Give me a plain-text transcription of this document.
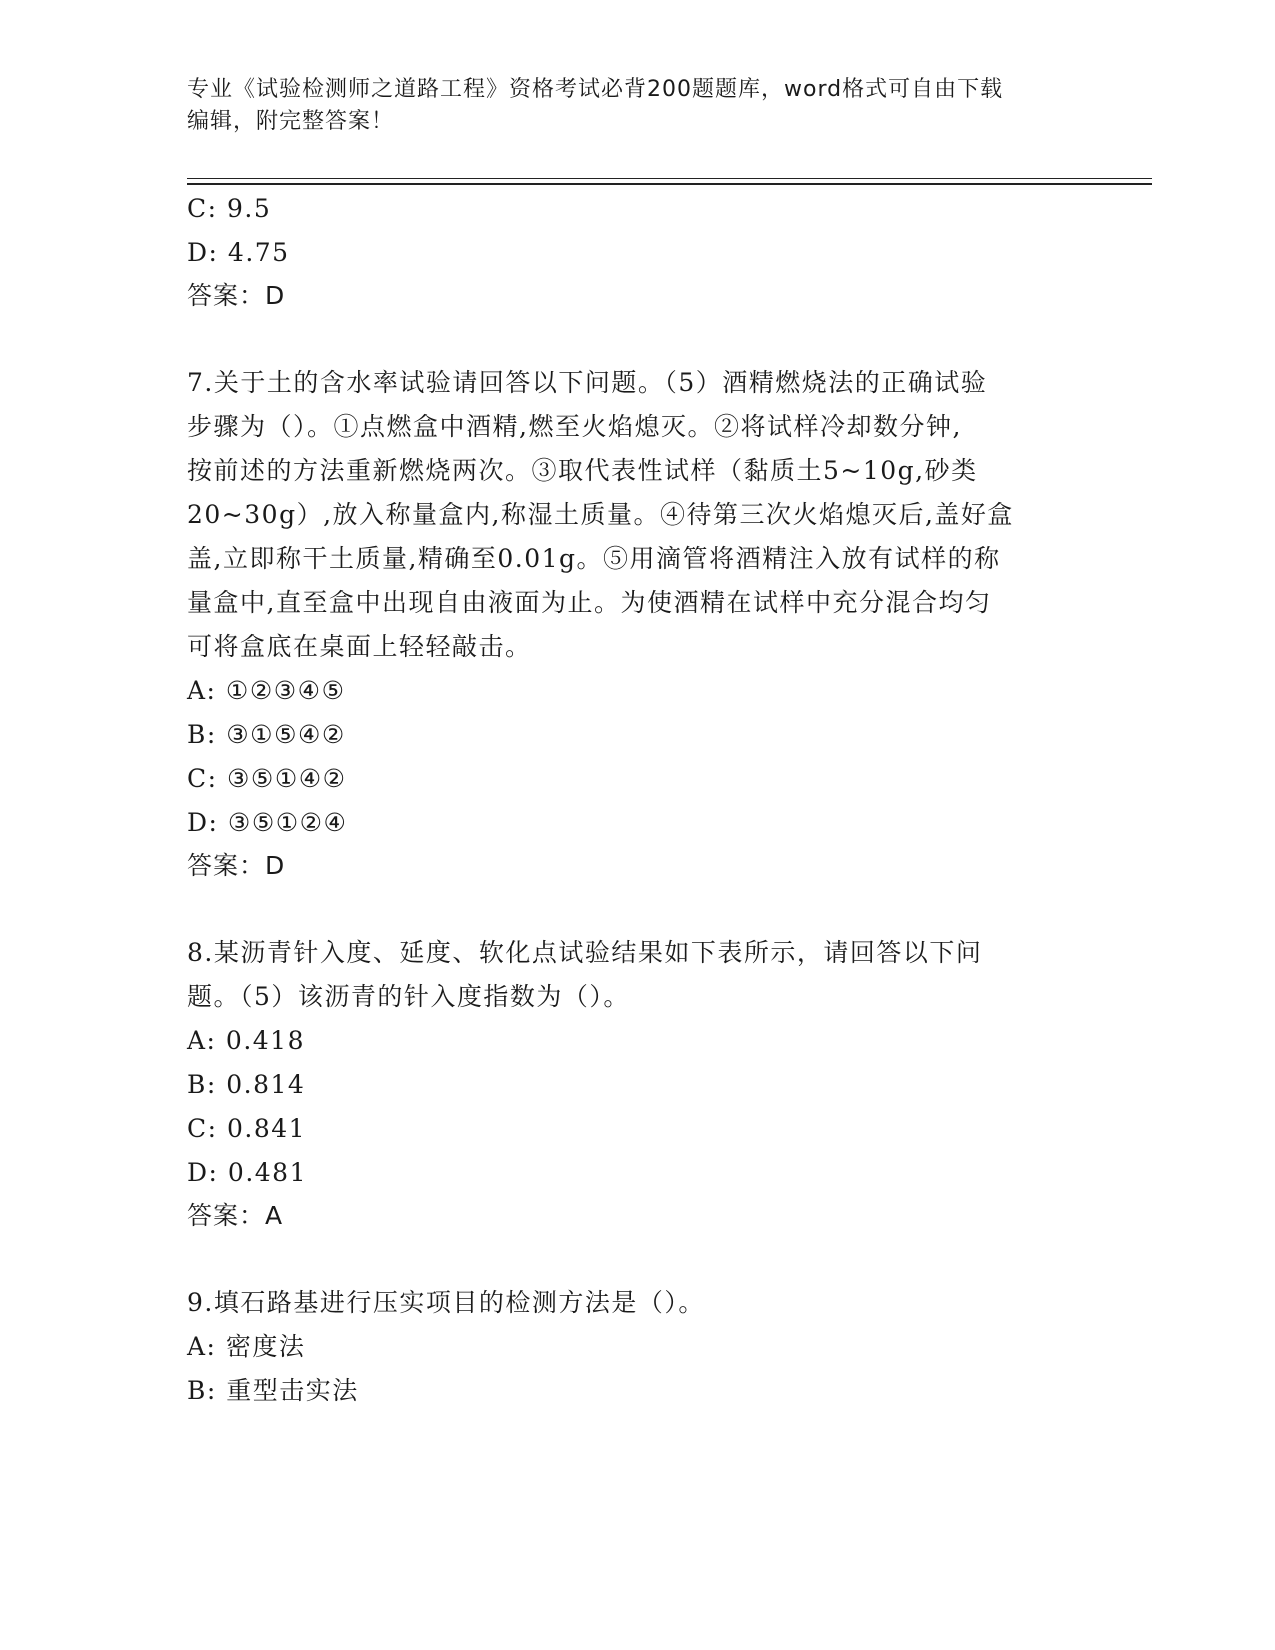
专业《试验检测师之道路工程》资格考试必背200题题库，word格式可自由下载
编辑，附完整答案！
C: 9.5
D: 4.75
答案：D
7.关于土的含水率试验请回答以下问题。（5）酒精燃烧法的正确试验
步骤为（）。①点燃盒中酒精,燃至火焰熄灭。②将试样冷却数分钟,
按前述的方法重新燃烧两次。③取代表性试样（黏质土5~10g,砂类
20~30g）,放入称量盒内,称湿土质量。④待第三次火焰熄灭后,盖好盒
盖,立即称干土质量,精确至0.01g。⑤用滴管将酒精注入放有试样的称
量盒中,直至盒中出现自由液面为止。为使酒精在试样中充分混合均匀
可将盒底在桌面上轻轻敲击。
A: ①②③④⑤
B: ③①⑤④②
C: ③⑤①④②
D: ③⑤①②④
答案：D
8.某沥青针入度、延度、软化点试验结果如下表所示，请回答以下问
题。（5）该沥青的针入度指数为（）。
A: 0.418
B: 0.814
C: 0.841
D: 0.481
答案：A
9.填石路基进行压实项目的检测方法是（）。
A: 密度法
B: 重型击实法
